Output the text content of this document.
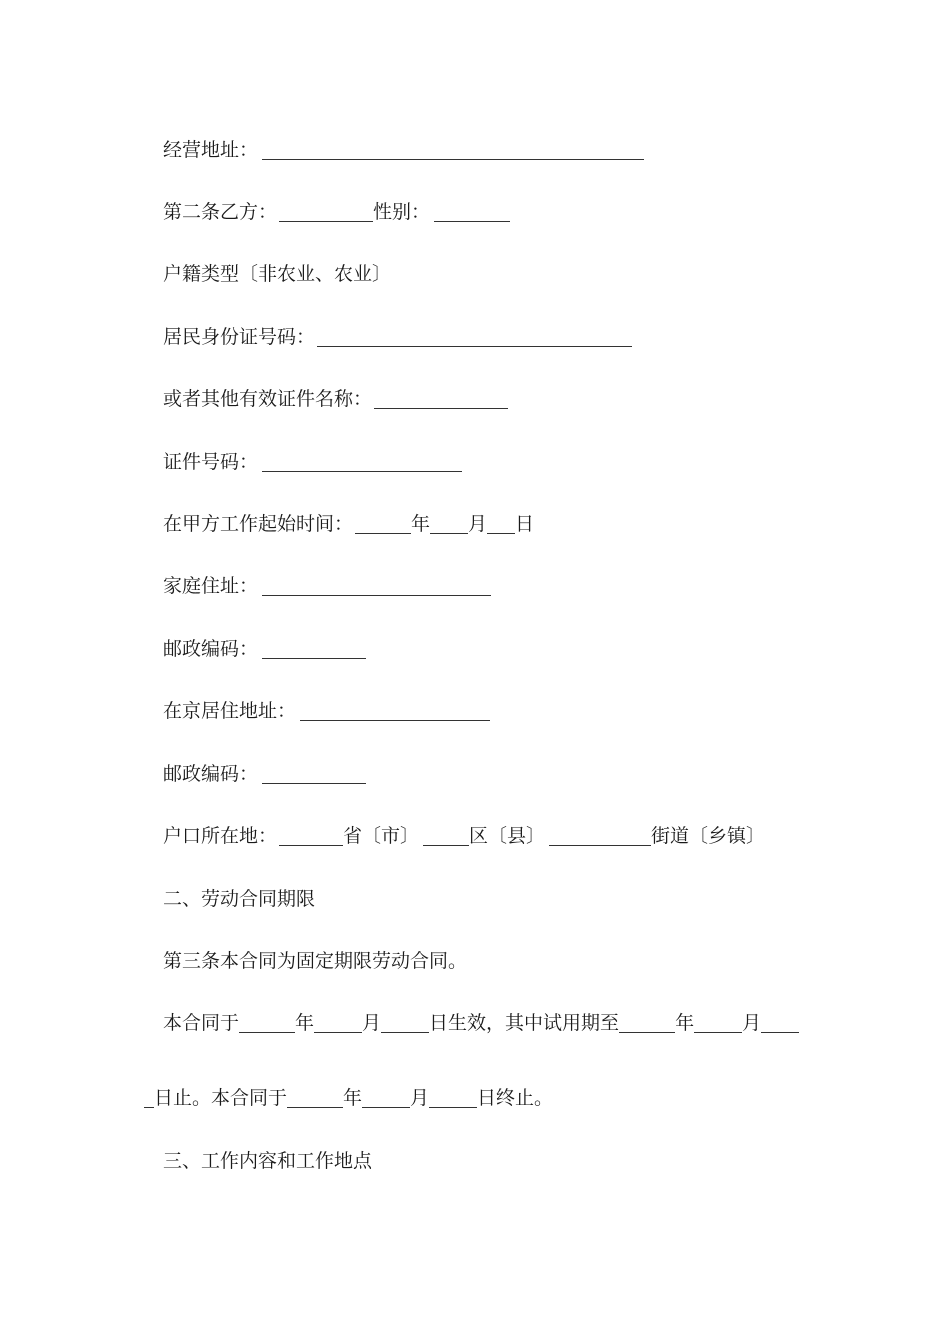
经营地址：
第二条乙方：	性别：
户籍类型〔非农业、农业〕
居民身份证号码：
或者其他有效证件名称：
证件号码：
在甲方工作起始时间：	年 月 日
家庭住址：
邮政编码：
在京居住地址：
邮政编码：
户口所在地：	省〔市〕	区〔县〕	街道〔乡镇〕
二、劳动合同期限
第三条本合同为固定期限劳动合同。
本合同于	年	月	日生效，其中试用期至	年	月
日止。本合同于	年	月	日终止。
三、工作内容和工作地点
